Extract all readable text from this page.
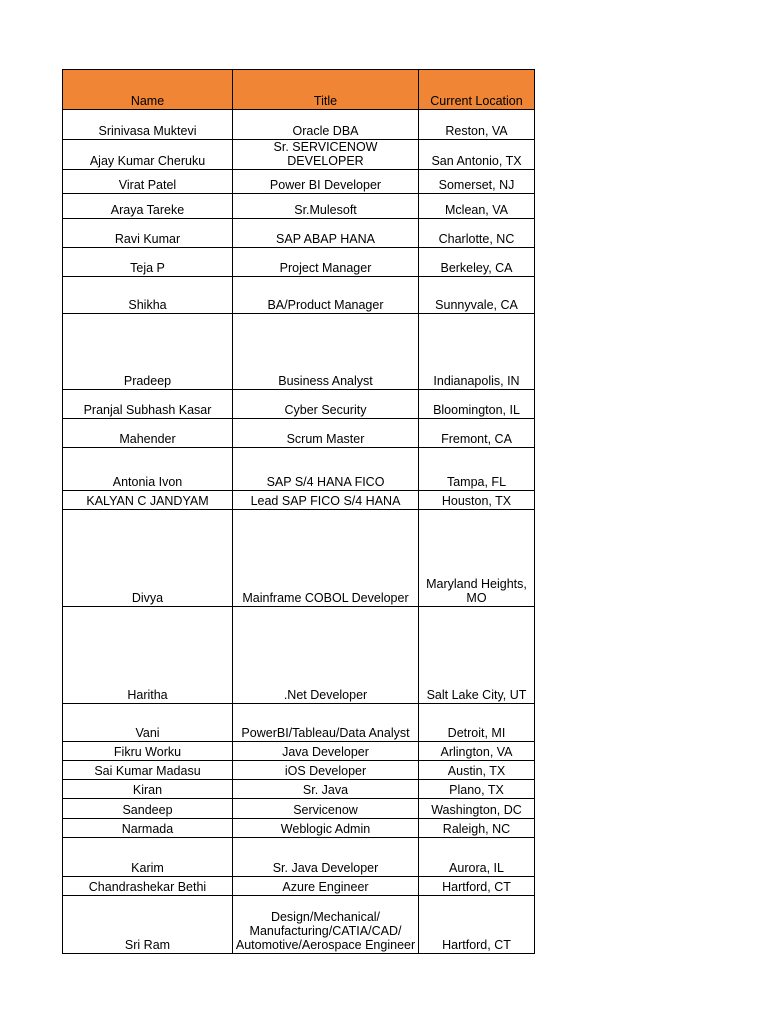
Name	Title	Current Location
Srinivasa Muktevi	Oracle DBA	Reston, VA
Ajay Kumar Cheruku	Sr. SERVICENOW DEVELOPER	San Antonio, TX
Virat Patel	Power BI Developer	Somerset, NJ
Araya Tareke	Sr.Mulesoft	Mclean, VA
Ravi Kumar	SAP ABAP HANA	Charlotte, NC
Teja P	Project Manager	Berkeley, CA
Shikha	BA/Product Manager	Sunnyvale, CA
Pradeep	Business Analyst	Indianapolis, IN
Pranjal Subhash Kasar	Cyber Security	Bloomington, IL
Mahender	Scrum Master	Fremont, CA
Antonia Ivon	SAP S/4 HANA FICO	Tampa, FL
KALYAN C JANDYAM	Lead SAP FICO S/4 HANA	Houston, TX
Divya	Mainframe COBOL Developer	Maryland Heights, MO
Haritha	.Net Developer	Salt Lake City, UT
Vani	PowerBI/Tableau/Data Analyst	Detroit, MI
Fikru Worku	Java Developer	Arlington, VA
Sai Kumar Madasu	iOS Developer	Austin, TX
Kiran	Sr. Java	Plano, TX
Sandeep	Servicenow	Washington, DC
Narmada	Weblogic Admin	Raleigh, NC
Karim	Sr. Java Developer	Aurora, IL
Chandrashekar Bethi	Azure Engineer	Hartford, CT
Sri Ram	Design/Mechanical/ Manufacturing/CATIA/CAD/ Automotive/Aerospace Engineer	Hartford, CT
